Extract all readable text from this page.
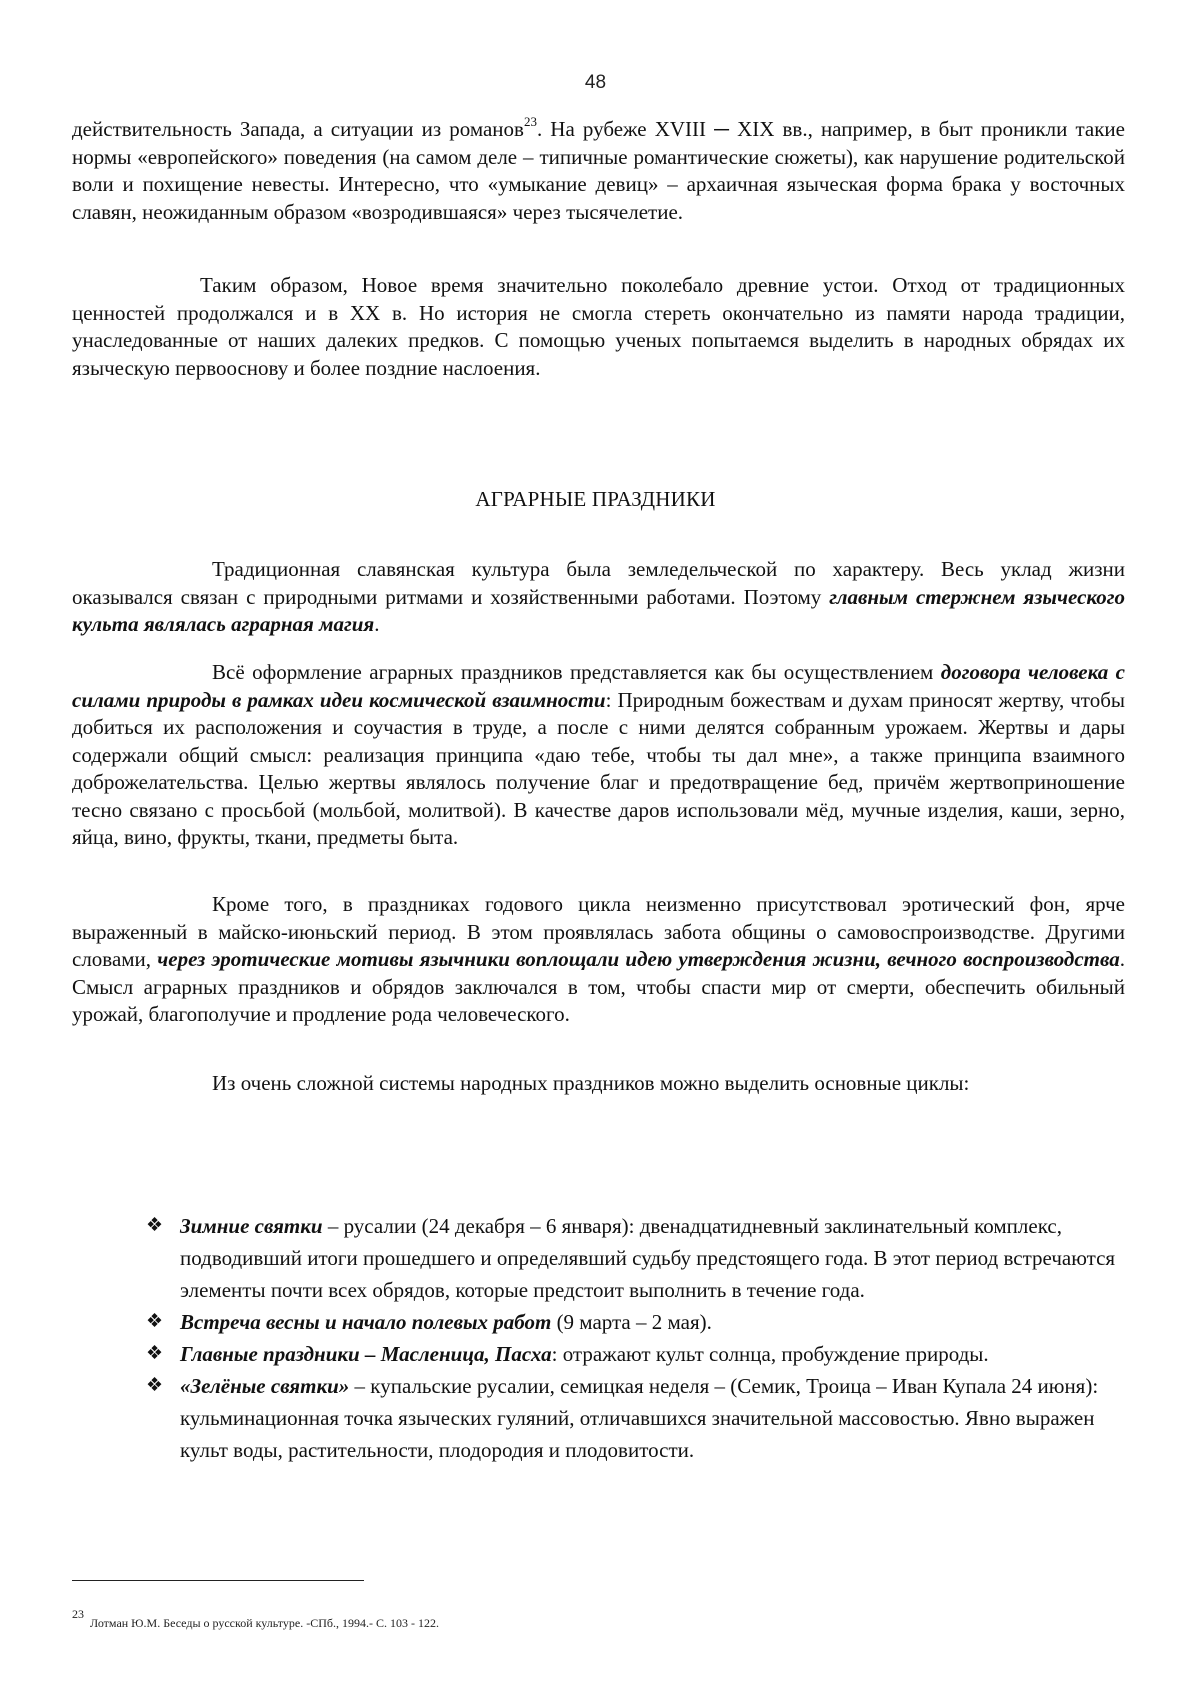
48

действительность Запада, а ситуации из романов$^{23}$. На рубеже XVIII ─ XIX вв., например, в быт проникли такие нормы «европейского» поведения (на самом деле – типичные романтические сюжеты), как нарушение родительской воли и похищение невесты. Интересно, что «умыкание девиц» – архаичная языческая форма брака у восточных славян, неожиданным образом «возродившаяся» через тысячелетие.

Таким образом, Новое время значительно поколебало древние устои. Отход от традиционных ценностей продолжался и в XX в. Но история не смогла стереть окончательно из памяти народа традиции, унаследованные от наших далеких предков. С помощью ученых попытаемся выделить в народных обрядах их языческую первооснову и более поздние наслоения.

АГРАРНЫЕ ПРАЗДНИКИ

Традиционная славянская культура была земледельческой по характеру. Весь уклад жизни оказывался связан с природными ритмами и хозяйственными работами. Поэтому главным стержнем языческого культа являлась аграрная магия.

Всё оформление аграрных праздников представляется как бы осуществлением договора человека с силами природы в рамках идеи космической взаимности: Природным божествам и духам приносят жертву, чтобы добиться их расположения и соучастия в труде, а после с ними делятся собранным урожаем. Жертвы и дары содержали общий смысл: реализация принципа «даю тебе, чтобы ты дал мне», а также принципа взаимного доброжелательства. Целью жертвы являлось получение благ и предотвращение бед, причём жертвоприношение тесно связано с просьбой (мольбой, молитвой). В качестве даров использовали мёд, мучные изделия, каши, зерно, яйца, вино, фрукты, ткани, предметы быта.

Кроме того, в праздниках годового цикла неизменно присутствовал эротический фон, ярче выраженный в майско-июньский период. В этом проявлялась забота общины о самовоспроизводстве. Другими словами, через эротические мотивы язычники воплощали идею утверждения жизни, вечного воспроизводства. Смысл аграрных праздников и обрядов заключался в том, чтобы спасти мир от смерти, обеспечить обильный урожай, благополучие и продление рода человеческого.

Из очень сложной системы народных праздников можно выделить основные циклы:

❖ Зимние святки – русалии (24 декабря – 6 января): двенадцатидневный заклинательный комплекс, подводивший итоги прошедшего и определявший судьбу предстоящего года. В этот период встречаются элементы почти всех обрядов, которые предстоит выполнить в течение года.
❖ Встреча весны и начало полевых работ (9 марта – 2 мая).
❖ Главные праздники – Масленица, Пасха: отражают культ солнца, пробуждение природы.
❖ «Зелёные святки» – купальские русалии, семицкая неделя – (Семик, Троица – Иван Купала 24 июня): кульминационная точка языческих гуляний, отличавшихся значительной массовостью. Явно выражен культ воды, растительности, плодородия и плодовитости.
$^{23}$Лотман Ю.М. Беседы о русской культуре. -СПб., 1994.- С. 103 - 122.
